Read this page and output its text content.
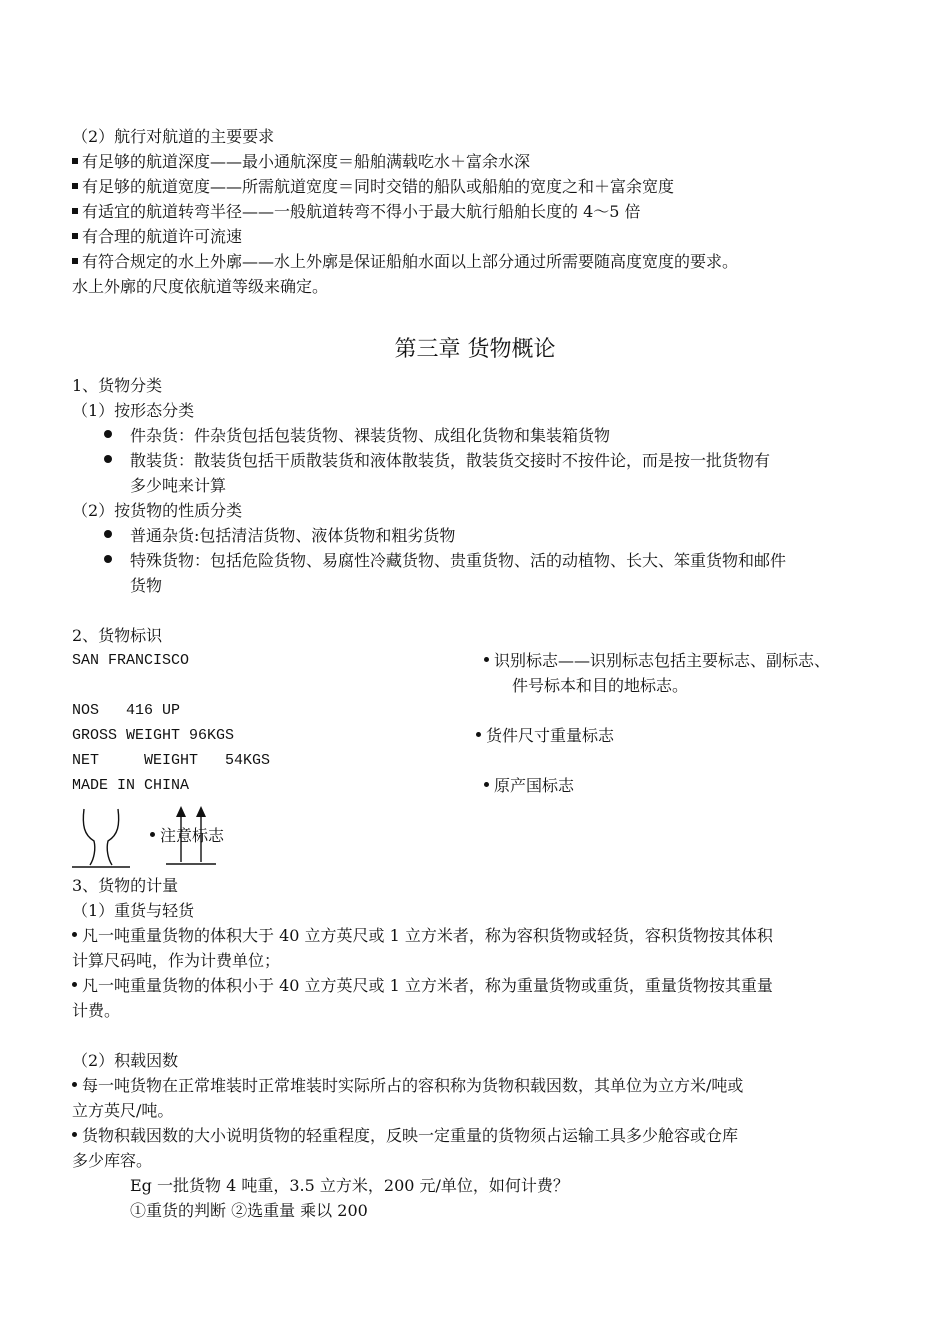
（2）航行对航道的主要要求
有足够的航道深度——最小通航深度＝船舶满载吃水＋富余水深
有足够的航道宽度——所需航道宽度＝同时交错的船队或船舶的宽度之和＋富余宽度
有适宜的航道转弯半径——一般航道转弯不得小于最大航行船舶长度的 4～5 倍
有合理的航道许可流速
有符合规定的水上外廓——水上外廓是保证船舶水面以上部分通过所需要随高度宽度的要求。
水上外廓的尺度依航道等级来确定。
第三章 货物概论
1、货物分类
（1）按形态分类
件杂货：件杂货包括包装货物、裸装货物、成组化货物和集装箱货物
散装货：散装货包括干质散装货和液体散装货，散装货交接时不按件论，而是按一批货物有
多少吨来计算
（2）按货物的性质分类
普通杂货:包括清洁货物、液体货物和粗劣货物
特殊货物：包括危险货物、易腐性冷藏货物、贵重货物、活的动植物、长大、笨重货物和邮件
货物
2、货物标识
SAN FRANCISCO
NOS   416 UP
GROSS WEIGHT 96KGS
NET     WEIGHT   54KGS
MADE IN CHINA
识别标志——识别标志包括主要标志、副标志、
件号标本和目的地标志。
货件尺寸重量标志
原产国标志
注意标志
3、货物的计量
（1）重货与轻货
凡一吨重量货物的体积大于 40 立方英尺或 1 立方米者，称为容积货物或轻货，容积货物按其体积
计算尺码吨，作为计费单位；
凡一吨重量货物的体积小于 40 立方英尺或 1 立方米者，称为重量货物或重货，重量货物按其重量
计费。
（2）积载因数
每一吨货物在正常堆装时正常堆装时实际所占的容积称为货物积载因数，其单位为立方米/吨或
立方英尺/吨。
货物积载因数的大小说明货物的轻重程度，反映一定重量的货物须占运输工具多少舱容或仓库
多少库容。
Eg 一批货物 4 吨重，3.5 立方米，200 元/单位，如何计费？
①重货的判断 ②选重量 乘以 200
